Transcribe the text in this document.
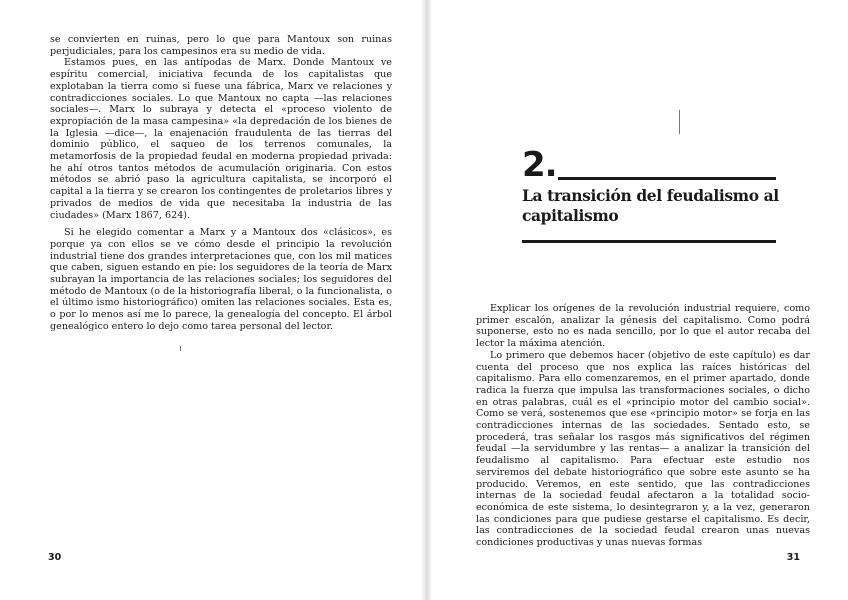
se convierten en ruinas, pero lo que para Mantoux son ruinas perjudiciales, para los campesinos era su medio de vida.

Estamos pues, en las antípodas de Marx. Donde Mantoux ve espíritu comercial, iniciativa fecunda de los capitalistas que explotaban la tierra como si fuese una fábrica, Marx ve relaciones y contradicciones sociales. Lo que Mantoux no capta —las relaciones sociales—. Marx lo subraya y detecta el «proceso violento de expropiación de la masa campesina» «la depredación de los bienes de la Iglesia —dice—, la enajenación fraudulenta de las tierras del dominio público, el saqueo de los terrenos comunales, la metamorfosis de la propiedad feudal en moderna propiedad privada: he ahí otros tantos métodos de acumulación originaria. Con estos métodos se abrió paso la agricultura capitalista, se incorporó el capital a la tierra y se crearon los contingentes de proletarios libres y privados de medios de vida que necesitaba la industria de las ciudades» (Marx 1867, 624).

Si he elegido comentar a Marx y a Mantoux dos «clásicos», es porque ya con ellos se ve cómo desde el principio la revolución industrial tiene dos grandes interpretaciones que, con los mil matices que caben, siguen estando en pie: los seguidores de la teoría de Marx subrayan la importancia de las relaciones sociales; los seguidores del método de Mantoux (o de la historiografía liberal, o la funcionalista, o el último ismo historiográfico) omiten las relaciones sociales. Esta es, o por lo menos así me lo parece, la genealogía del concepto. El árbol genealógico entero lo dejo como tarea personal del lector.

30
2.
La transición del feudalismo al capitalismo

Explicar los orígenes de la revolución industrial requiere, como primer escalón, analizar la génesis del capitalismo. Como podrá suponerse, esto no es nada sencillo, por lo que el autor recaba del lector la máxima atención.

Lo primero que debemos hacer (objetivo de este capítulo) es dar cuenta del proceso que nos explica las raíces históricas del capitalismo. Para ello comenzaremos, en el primer apartado, donde radica la fuerza que impulsa las transformaciones sociales, o dicho en otras palabras, cuál es el «principio motor del cambio social». Como se verá, sostenemos que ese «principio motor» se forja en las contradicciones internas de las sociedades. Sentado esto, se procederá, tras señalar los rasgos más significativos del régimen feudal —la servidumbre y las rentas— a analizar la transición del feudalismo al capitalismo. Para efectuar este estudio nos serviremos del debate historiográfico que sobre este asunto se ha producido. Veremos, en este sentido, que las contradicciones internas de la sociedad feudal afectaron a la totalidad socio-económica de este sistema, lo desintegraron y, a la vez, generaron las condiciones para que pudiese gestarse el capitalismo. Es decir, las contradicciones de la sociedad feudal crearon unas nuevas condiciones productivas y unas nuevas formas

31
